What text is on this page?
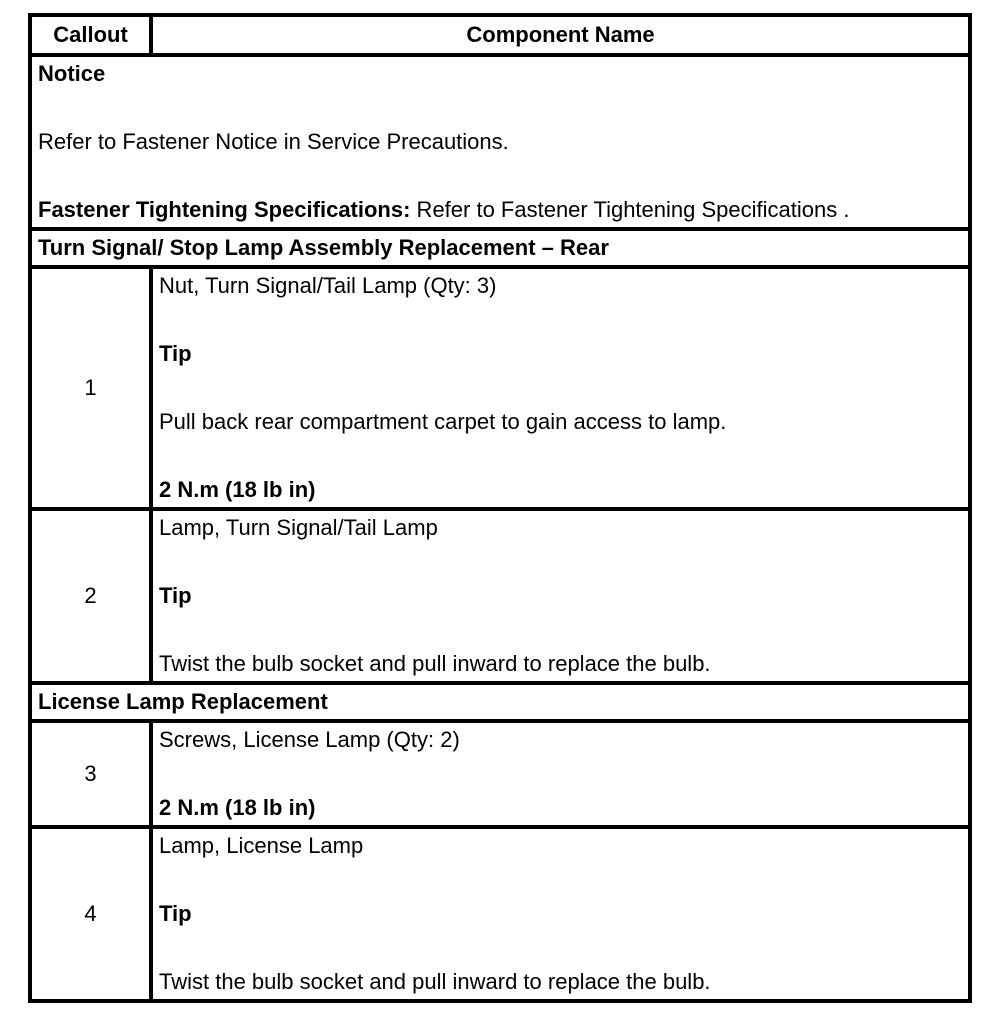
Callout	Component Name

Notice

Refer to Fastener Notice in Service Precautions.

Fastener Tightening Specifications: Refer to Fastener Tightening Specifications .	

Turn Signal/ Stop Lamp Assembly Replacement – Rear	
1	Nut, Turn Signal/Tail Lamp (Qty: 3)

Tip

Pull back rear compartment carpet to gain access to lamp.

2 N.m (18 lb in)

2	Lamp, Turn Signal/Tail Lamp

Tip

Twist the bulb socket and pull inward to replace the bulb.

License Lamp Replacement	
3	Screws, License Lamp (Qty: 2)

2 N.m (18 lb in)

4	Lamp, License Lamp

Tip

Twist the bulb socket and pull inward to replace the bulb.
